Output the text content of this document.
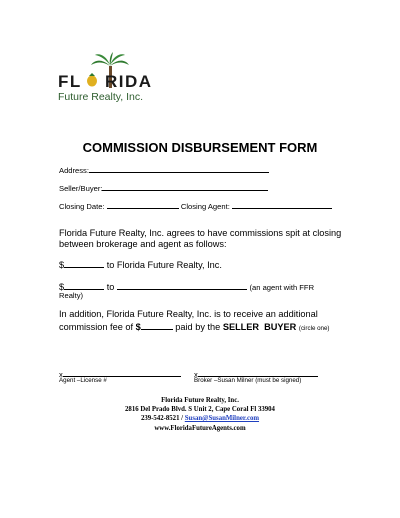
FL RIDA
Future Realty, Inc.
COMMISSION DISBURSEMENT FORM
Address:
Seller/Buyer:
Closing Date:	Closing Agent:
Florida Future Realty, Inc. agrees to have commissions spit at closing between brokerage and agent as follows:
$	to Florida Future Realty, Inc.
$	to	(an agent with FFR
Realty)
In addition, Florida Future Realty, Inc. is to receive an additional
commission fee of $	paid by the SELLER  BUYER (circle one)
x
Agent –License #
x
Broker –Susan Milner (must be signed)
Florida Future Realty, Inc.
2816 Del Prado Blvd. S Unit 2, Cape Coral Fl 33904
239-542-8521 / Susan@SusanMilner.com
www.FloridaFutureAgents.com
